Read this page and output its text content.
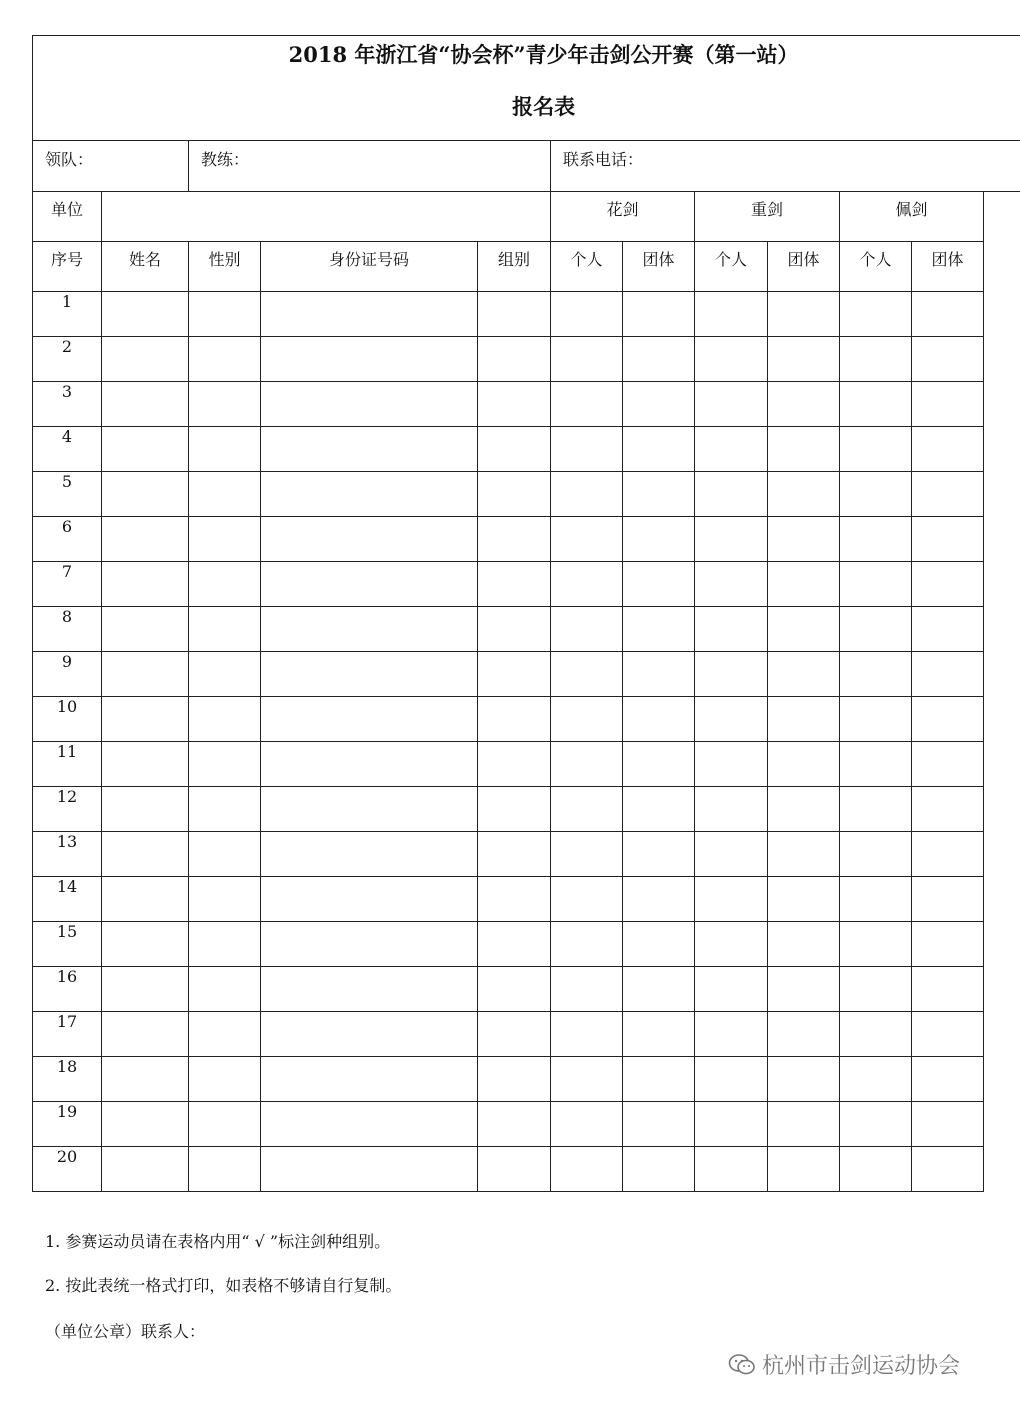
2018 年浙江省“协会杯”青少年击剑公开赛（第一站）
报名表										

领队：		教练：			联系电话：					
单位					花剑		重剑		佩剑	
序号	姓名	性别	身份证号码	组别	个人	团体	个人	团体	个人	团体
1										
2										
3										
4										
5										
6										
7										
8										
9										
10										
11										
12										
13										
14										
15										
16										
17										
18										
19										
20										
1. 参赛运动员请在表格内用“ √ ”标注剑种组别。
2. 按此表统一格式打印，如表格不够请自行复制。
（单位公章）联系人：
杭州市击剑运动协会
